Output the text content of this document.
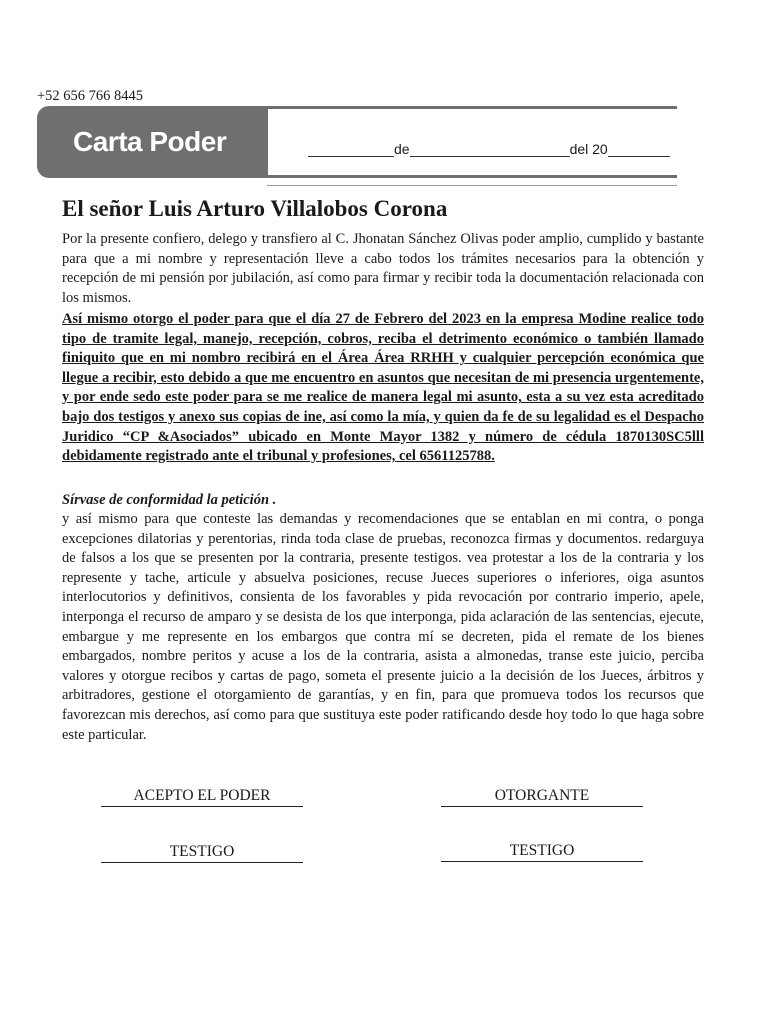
+52 656 766 8445
Carta Poder	de	del 20
El señor Luis Arturo Villalobos Corona
Por la presente confiero, delego y transfiero al C. Jhonatan Sánchez Olivas poder amplio, cumplido y bastante para que a mi nombre y representación lleve a cabo todos los trámites necesarios para la obtención y recepción de mi pensión por jubilación, así como para firmar y recibir toda la documentación relacionada con los mismos.
Así mismo otorgo el poder para que el día 27 de Febrero del 2023 en la empresa Modine realice todo tipo de tramite legal, manejo, recepción, cobros, reciba el detrimento económico o también llamado finiquito que en mi nombro recibirá en el Área Área RRHH y cualquier percepción económica que llegue a recibir, esto debido a que me encuentro en asuntos que necesitan de mi presencia urgentemente, y por ende sedo este poder para se me realice de manera legal mi asunto, esta a su vez esta acreditado bajo dos testigos y anexo sus copias de ine, así como la mía, y quien da fe de su legalidad es el Despacho Juridico “CP &Asociados” ubicado en Monte Mayor 1382 y número de cédula 1870130SC5lll debidamente registrado ante el tribunal y profesiones, cel 6561125788.
Sírvase de conformidad la petición .
y así mismo para que conteste las demandas y recomendaciones que se entablan en mi contra, o ponga excepciones dilatorias y perentorias, rinda toda clase de pruebas, reconozca firmas y documentos. redarguya de falsos a los que se presenten por la contraria, presente testigos. vea protestar a los de la contraria y los represente y tache, articule y absuelva posiciones, recuse Jueces superiores o inferiores, oiga asuntos interlocutorios y definitivos, consienta de los favorables y pida revocación por contrario imperio, apele, interponga el recurso de amparo y se desista de los que interponga, pida aclaración de las sentencias, ejecute, embargue y me represente en los embargos que contra mí se decreten, pida el remate de los bienes embargados, nombre peritos y acuse a los de la contraria, asista a almonedas, transe este juicio, perciba valores y otorgue recibos y cartas de pago, someta el presente juicio a la decisión de los Jueces, árbitros y arbitradores, gestione el otorgamiento de garantías, y en fin, para que promueva todos los recursos que favorezcan mis derechos, así como para que sustituya este poder ratificando desde hoy todo lo que haga sobre este particular.
ACEPTO EL PODER	OTORGANTE
TESTIGO	TESTIGO
